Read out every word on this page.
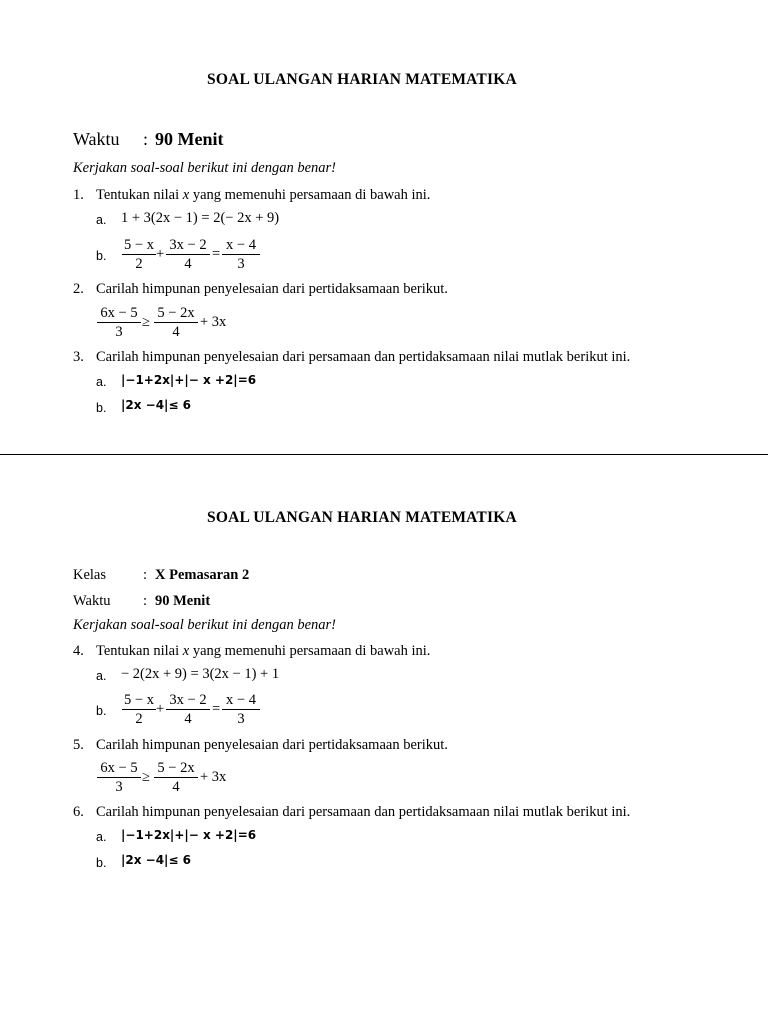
SOAL ULANGAN HARIAN MATEMATIKA
Waktu : 90 Menit
Kerjakan soal-soal berikut ini dengan benar!
1. Tentukan nilai x yang memenuhi persamaan di bawah ini.
a. 1 + 3(2x − 1) = 2(− 2x + 9)
b.
5 − x
2
+
3x − 2
4
=
x − 4
3
2. Carilah himpunan penyelesaian dari pertidaksamaan berikut.
6x − 5
3
≥
5 − 2x
4
+ 3x
3. Carilah himpunan penyelesaian dari persamaan dan pertidaksamaan nilai mutlak berikut ini.
a. |−1+2x|+|− x +2|=6
b. |2x −4|≤ 6
SOAL ULANGAN HARIAN MATEMATIKA
Kelas	: X Pemasaran 2
Waktu : 90 Menit
Kerjakan soal-soal berikut ini dengan benar!
4. Tentukan nilai x yang memenuhi persamaan di bawah ini.
a. − 2(2x + 9) = 3(2x − 1) + 1
b.
5 − x
2
+
3x − 2
4
=
x − 4
3
5. Carilah himpunan penyelesaian dari pertidaksamaan berikut.
6x − 5
3
≥
5 − 2x
4
+ 3x
6. Carilah himpunan penyelesaian dari persamaan dan pertidaksamaan nilai mutlak berikut ini.
a. |−1+2x|+|− x +2|=6
b. |2x −4|≤ 6
